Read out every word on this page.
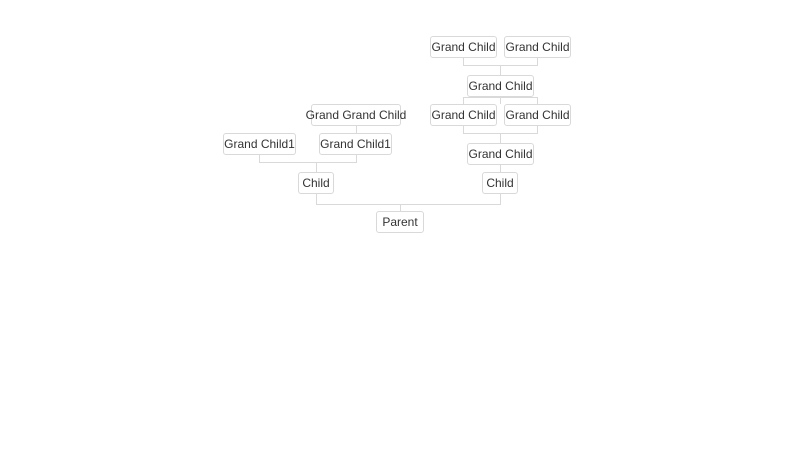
Grand Child Grand Child
Grand Child
Grand Grand Child Grand Child Grand Child
Grand Child1 Grand Child1
Grand Child
Child	Child
Parent
